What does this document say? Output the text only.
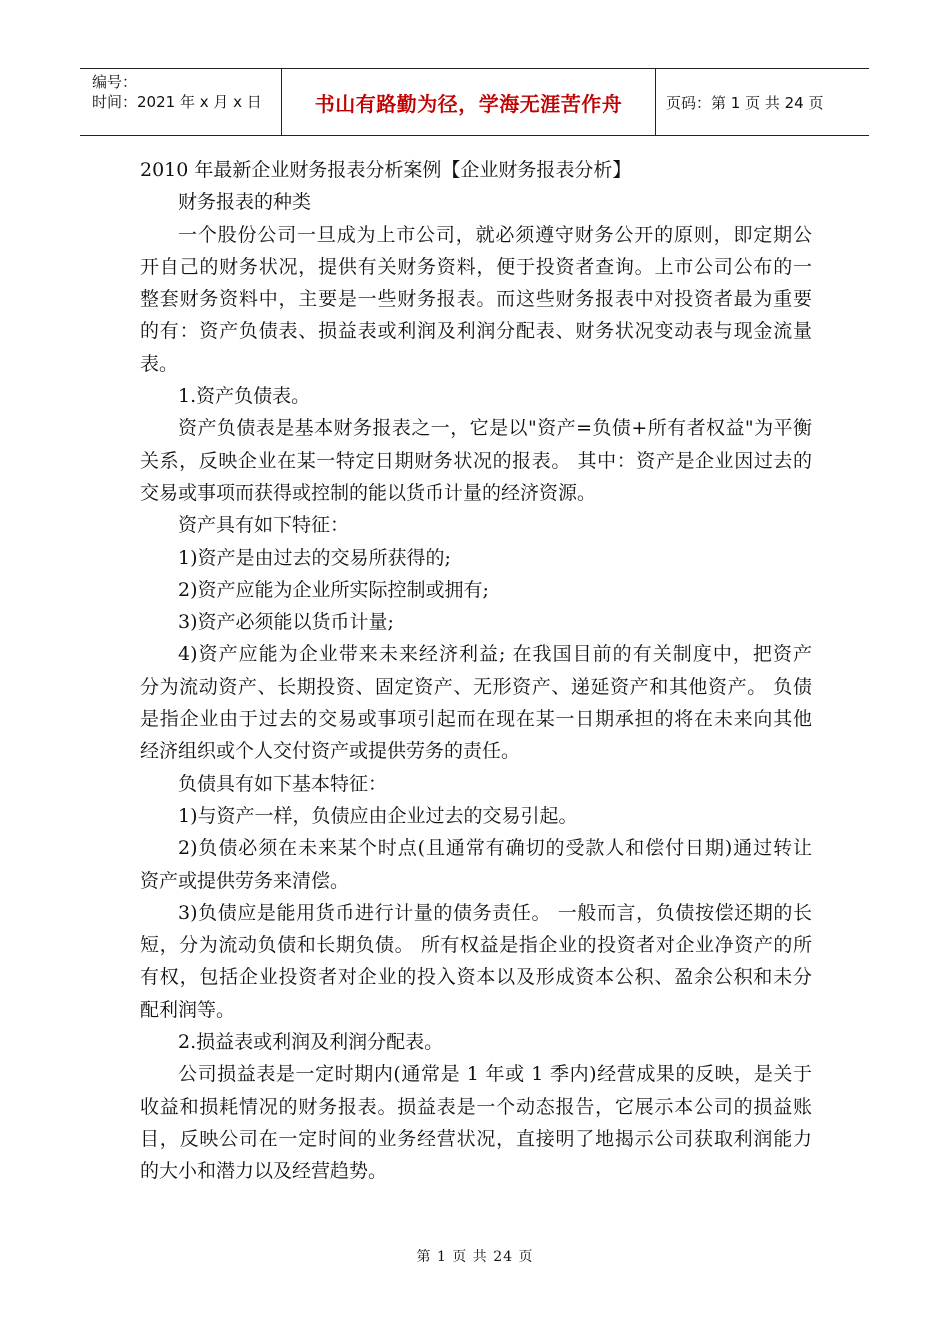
编号：
时间：2021 年 x 月 x 日	书山有路勤为径，学海无涯苦作舟	页码：第 1 页 共 24 页

2010 年最新企业财务报表分析案例【企业财务报表分析】

财务报表的种类

一个股份公司一旦成为上市公司，就必须遵守财务公开的原则，即定期公

开自己的财务状况，提供有关财务资料，便于投资者查询。上市公司公布的一

整套财务资料中，主要是一些财务报表。而这些财务报表中对投资者最为重要

的有：资产负债表、损益表或利润及利润分配表、财务状况变动表与现金流量

表。

1.资产负债表。

资产负债表是基本财务报表之一，它是以"资产=负债+所有者权益"为平衡

关系，反映企业在某一特定日期财务状况的报表。 其中：资产是企业因过去的

交易或事项而获得或控制的能以货币计量的经济资源。

资产具有如下特征：

1)资产是由过去的交易所获得的;

2)资产应能为企业所实际控制或拥有;

3)资产必须能以货币计量;

4)资产应能为企业带来未来经济利益; 在我国目前的有关制度中，把资产

分为流动资产、长期投资、固定资产、无形资产、递延资产和其他资产。 负债

是指企业由于过去的交易或事项引起而在现在某一日期承担的将在未来向其他

经济组织或个人交付资产或提供劳务的责任。

负债具有如下基本特征：

1)与资产一样，负债应由企业过去的交易引起。

2)负债必须在未来某个时点(且通常有确切的受款人和偿付日期)通过转让

资产或提供劳务来清偿。

3)负债应是能用货币进行计量的债务责任。 一般而言，负债按偿还期的长

短，分为流动负债和长期负债。 所有权益是指企业的投资者对企业净资产的所

有权，包括企业投资者对企业的投入资本以及形成资本公积、盈余公积和未分

配利润等。

2.损益表或利润及利润分配表。

公司损益表是一定时期内(通常是 1 年或 1 季内)经营成果的反映，是关于

收益和损耗情况的财务报表。损益表是一个动态报告，它展示本公司的损益账

目，反映公司在一定时间的业务经营状况，直接明了地揭示公司获取利润能力

的大小和潜力以及经营趋势。

第 1 页 共 24 页
